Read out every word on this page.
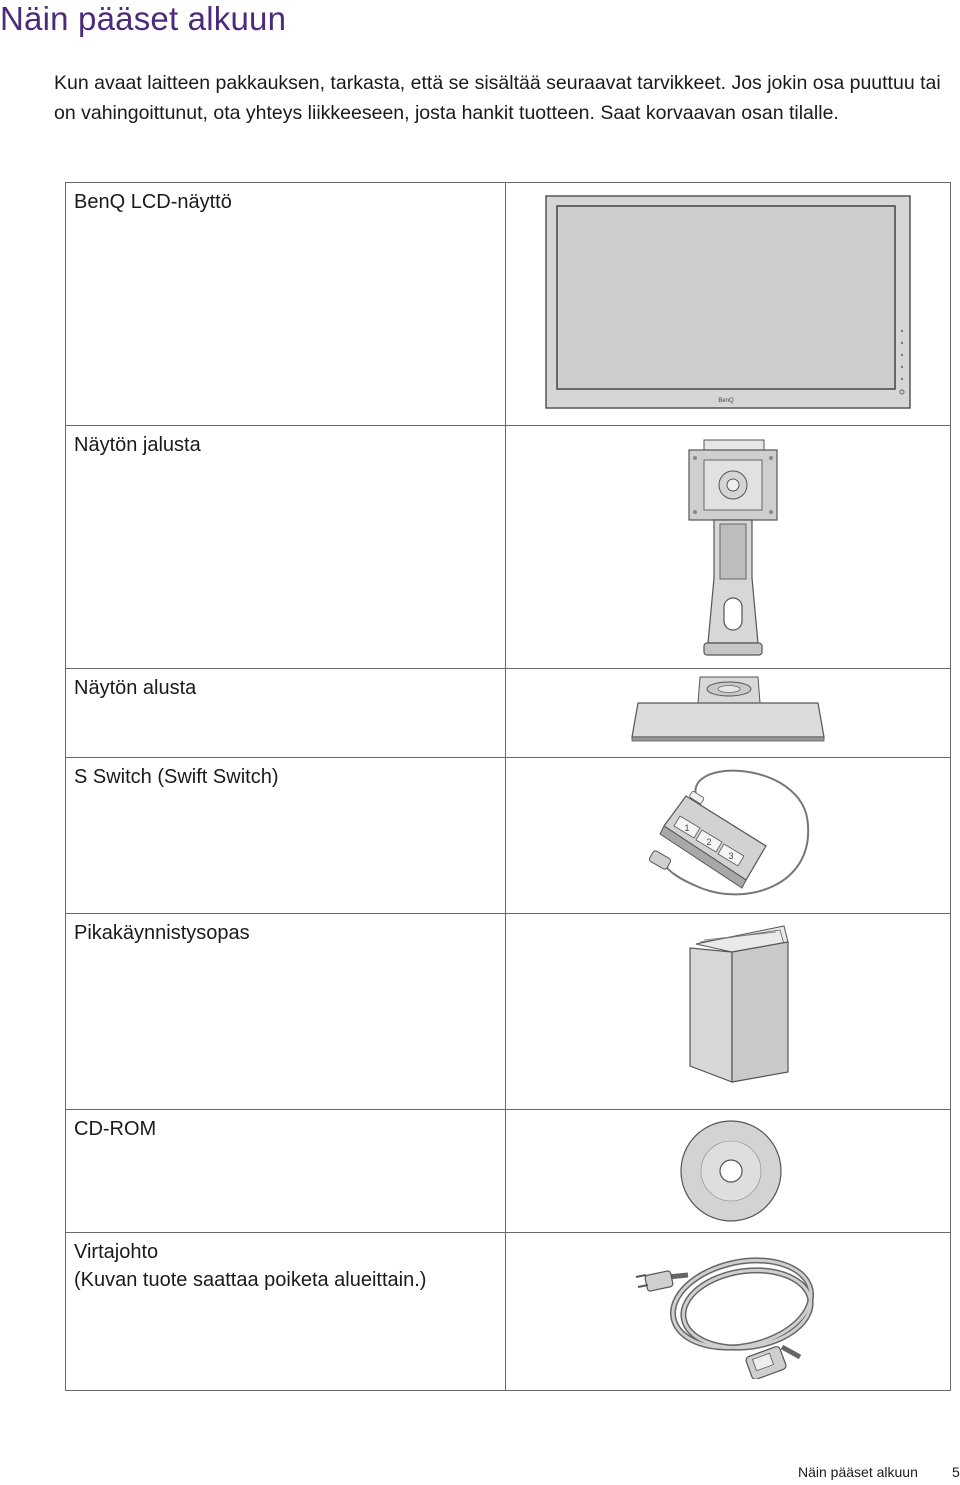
Näin pääset alkuun
Kun avaat laitteen pakkauksen, tarkasta, että se sisältää seuraavat tarvikkeet. Jos jokin osa puuttuu tai on vahingoittunut, ota yhteys liikkeeseen, josta hankit tuotteen. Saat korvaavan osan tilalle.
BenQ LCD-näyttö	BenQ

Näytön jalusta

Näytön alusta

S Switch (Swift Switch)	1
2
3

Pikakäynnistysopas

CD-ROM

Virtajohto
(Kuvan tuote saattaa poiketa alueittain.)

Näin pääset alkuun 5
